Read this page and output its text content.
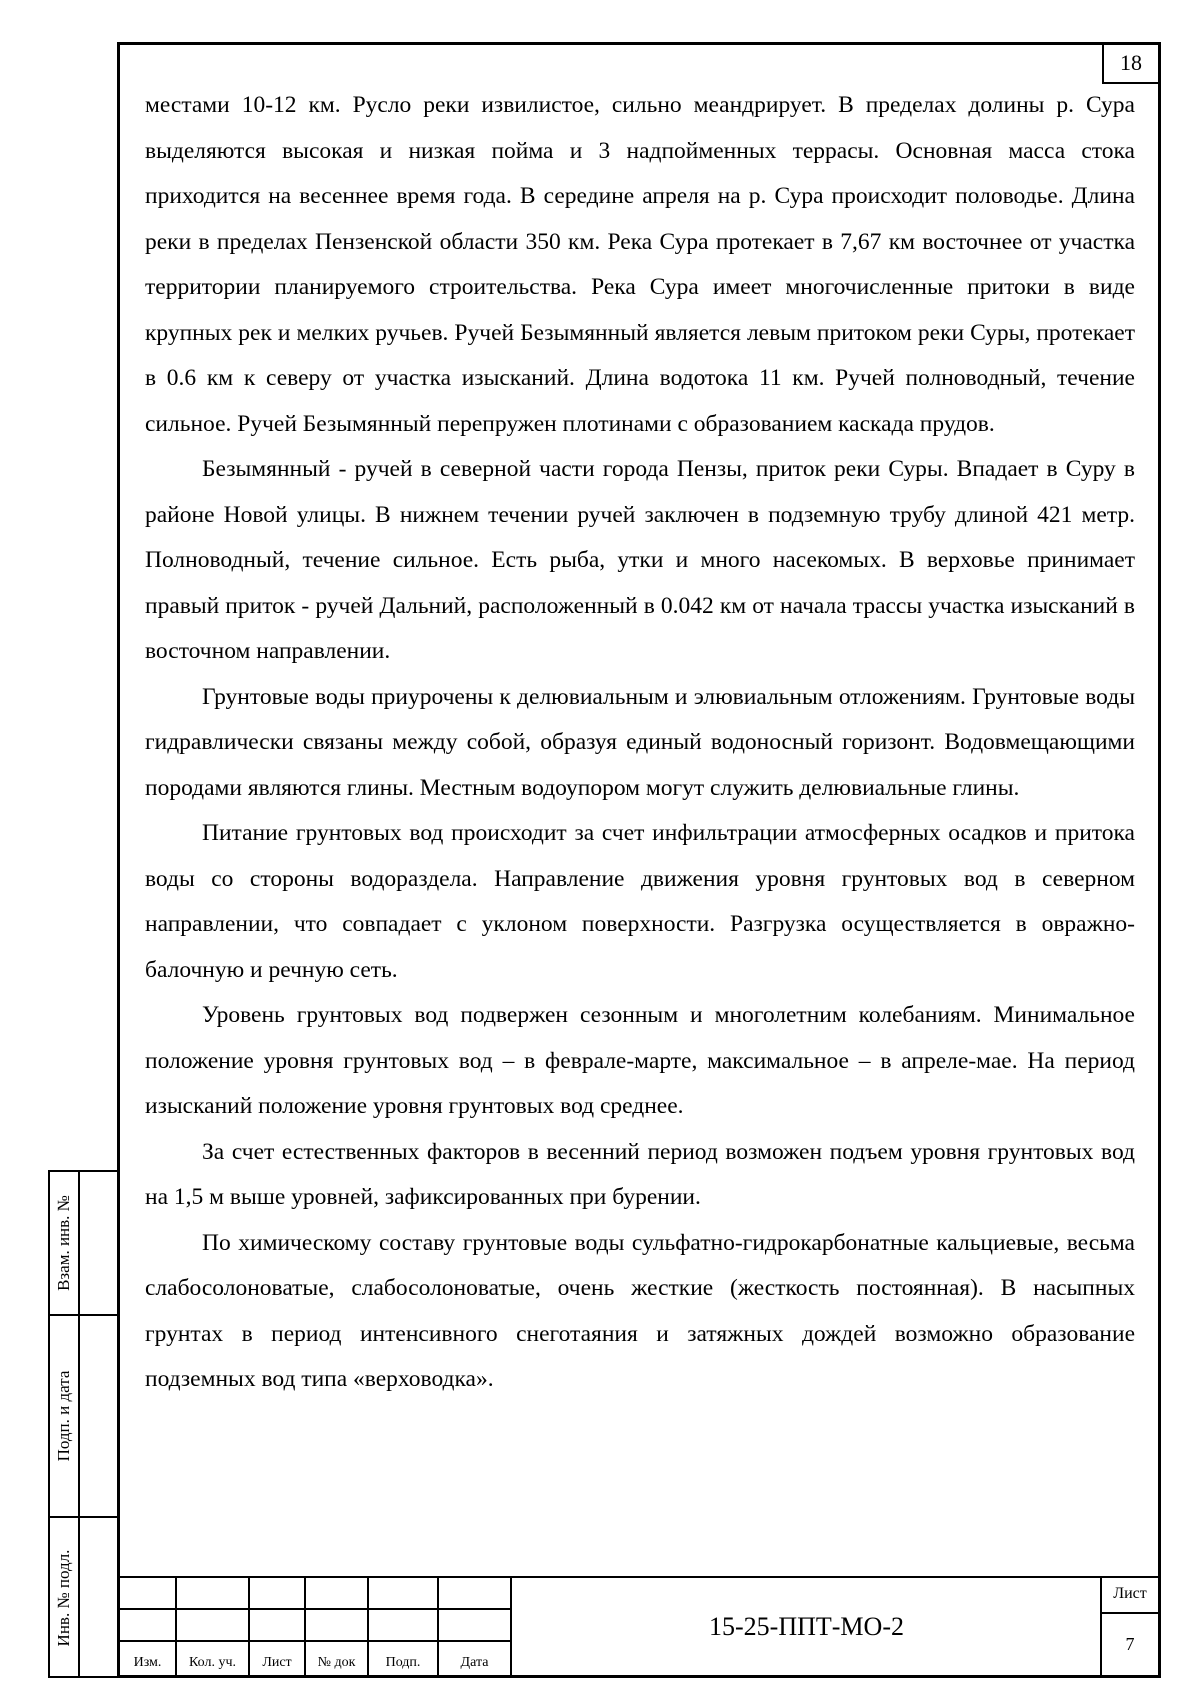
18

местами 10-12 км. Русло реки извилистое, сильно меандрирует. В пределах долины р. Сура выделяются высокая и низкая пойма и 3 надпойменных террасы. Основная масса стока приходится на весеннее время года. В середине апреля на р. Сура происходит половодье. Длина реки в пределах Пензенской области 350 км. Река Сура протекает в 7,67 км восточнее от участка территории планируемого строительства. Река Сура имеет многочисленные притоки в виде крупных рек и мелких ручьев. Ручей Безымянный является левым притоком реки Суры, протекает в 0.6 км к северу от участка изысканий. Длина водотока 11 км. Ручей полноводный, течение сильное. Ручей Безымянный перепружен плотинами с образованием каскада прудов.

Безымянный - ручей в северной части города Пензы, приток реки Суры. Впадает в Суру в районе Новой улицы. В нижнем течении ручей заключен в подземную трубу длиной 421 метр. Полноводный, течение сильное. Есть рыба, утки и много насекомых. В верховье принимает правый приток - ручей Дальний, расположенный в 0.042 км от начала трассы участка изысканий в восточном направлении.

Грунтовые воды приурочены к делювиальным и элювиальным отложениям. Грунтовые воды гидравлически связаны между собой, образуя единый водоносный горизонт. Водовмещающими породами являются глины. Местным водоупором могут служить делювиальные глины.

Питание грунтовых вод происходит за счет инфильтрации атмосферных осадков и притока воды со стороны водораздела. Направление движения уровня грунтовых вод в северном направлении, что совпадает с уклоном поверхности. Разгрузка осуществляется в овражно-балочную и речную сеть.

Уровень грунтовых вод подвержен сезонным и многолетним колебаниям. Минимальное положение уровня грунтовых вод – в феврале-марте, максимальное – в апреле-мае. На период изысканий положение уровня грунтовых вод среднее.

За счет естественных факторов в весенний период возможен подъем уровня грунтовых вод на 1,5 м выше уровней, зафиксированных при бурении.

По химическому составу грунтовые воды сульфатно-гидрокарбонатные кальциевые, весьма слабосолоноватые, слабосолоноватые, очень жесткие (жесткость постоянная). В насыпных грунтах в период интенсивного снеготаяния и затяжных дождей возможно образование подземных вод типа «верховодка».

Изм.	Кол. уч.	Лист	№ док	Подп.	Дата
15-25-ППТ-МО-2
Лист
7
Взам. инв. №
Подп. и дата
Инв. № подл.
